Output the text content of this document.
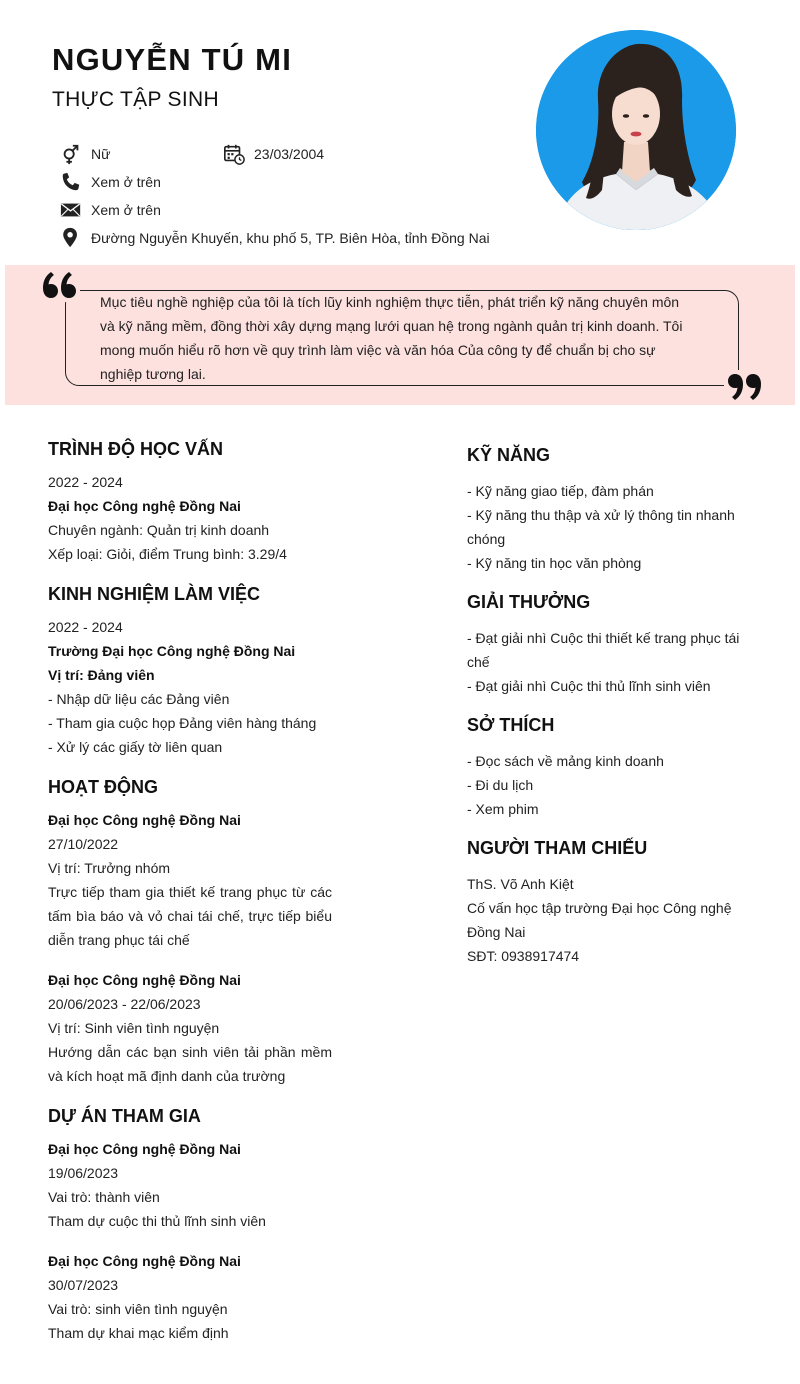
NGUYỄN TÚ MI
THỰC TẬP SINH
Nữ	23/03/2004
Xem ở trên
Xem ở trên
Đường Nguyễn Khuyến, khu phố 5, TP. Biên Hòa, tỉnh Đồng Nai
Mục tiêu nghề nghiệp của tôi là tích lũy kinh nghiệm thực tiễn, phát triển kỹ năng chuyên môn và kỹ năng mềm, đồng thời xây dựng mạng lưới quan hệ trong ngành quản trị kinh doanh. Tôi mong muốn hiểu rõ hơn về quy trình làm việc và văn hóa Của công ty để chuẩn bị cho sự nghiệp tương lai.
TRÌNH ĐỘ HỌC VẤN
2022 - 2024
Đại học Công nghệ Đồng Nai
Chuyên ngành: Quản trị kinh doanh
Xếp loại: Giỏi, điểm Trung bình: 3.29/4
KINH NGHIỆM LÀM VIỆC
2022 - 2024
Trường Đại học Công nghệ Đồng Nai
Vị trí: Đảng viên
- Nhập dữ liệu các Đảng viên
- Tham gia cuộc họp Đảng viên hàng tháng
- Xử lý các giấy tờ liên quan
HOẠT ĐỘNG
Đại học Công nghệ Đồng Nai
27/10/2022
Vị trí: Trưởng nhóm
Trực tiếp tham gia thiết kế trang phục từ các tấm bìa báo và vỏ chai tái chế, trực tiếp biểu diễn trang phục tái chế
Đại học Công nghệ Đồng Nai
20/06/2023 - 22/06/2023
Vị trí: Sinh viên tình nguyện
Hướng dẫn các bạn sinh viên tải phần mềm và kích hoạt mã định danh của trường
DỰ ÁN THAM GIA
Đại học Công nghệ Đồng Nai
19/06/2023
Vai trò: thành viên
Tham dự cuộc thi thủ lĩnh sinh viên
Đại học Công nghệ Đồng Nai
30/07/2023
Vai trò: sinh viên tình nguyện
Tham dự khai mạc kiểm định
KỸ NĂNG
- Kỹ năng giao tiếp, đàm phán
- Kỹ năng thu thập và xử lý thông tin nhanh chóng
- Kỹ năng tin học văn phòng
GIẢI THƯỞNG
- Đạt giải nhì Cuộc thi thiết kế trang phục tái chế
- Đạt giải nhì Cuộc thi thủ lĩnh sinh viên
SỞ THÍCH
- Đọc sách về mảng kinh doanh
- Đi du lịch
- Xem phim
NGƯỜI THAM CHIẾU
ThS. Võ Anh Kiệt
Cố vấn học tập trường Đại học Công nghệ Đồng Nai
SĐT: 0938917474
